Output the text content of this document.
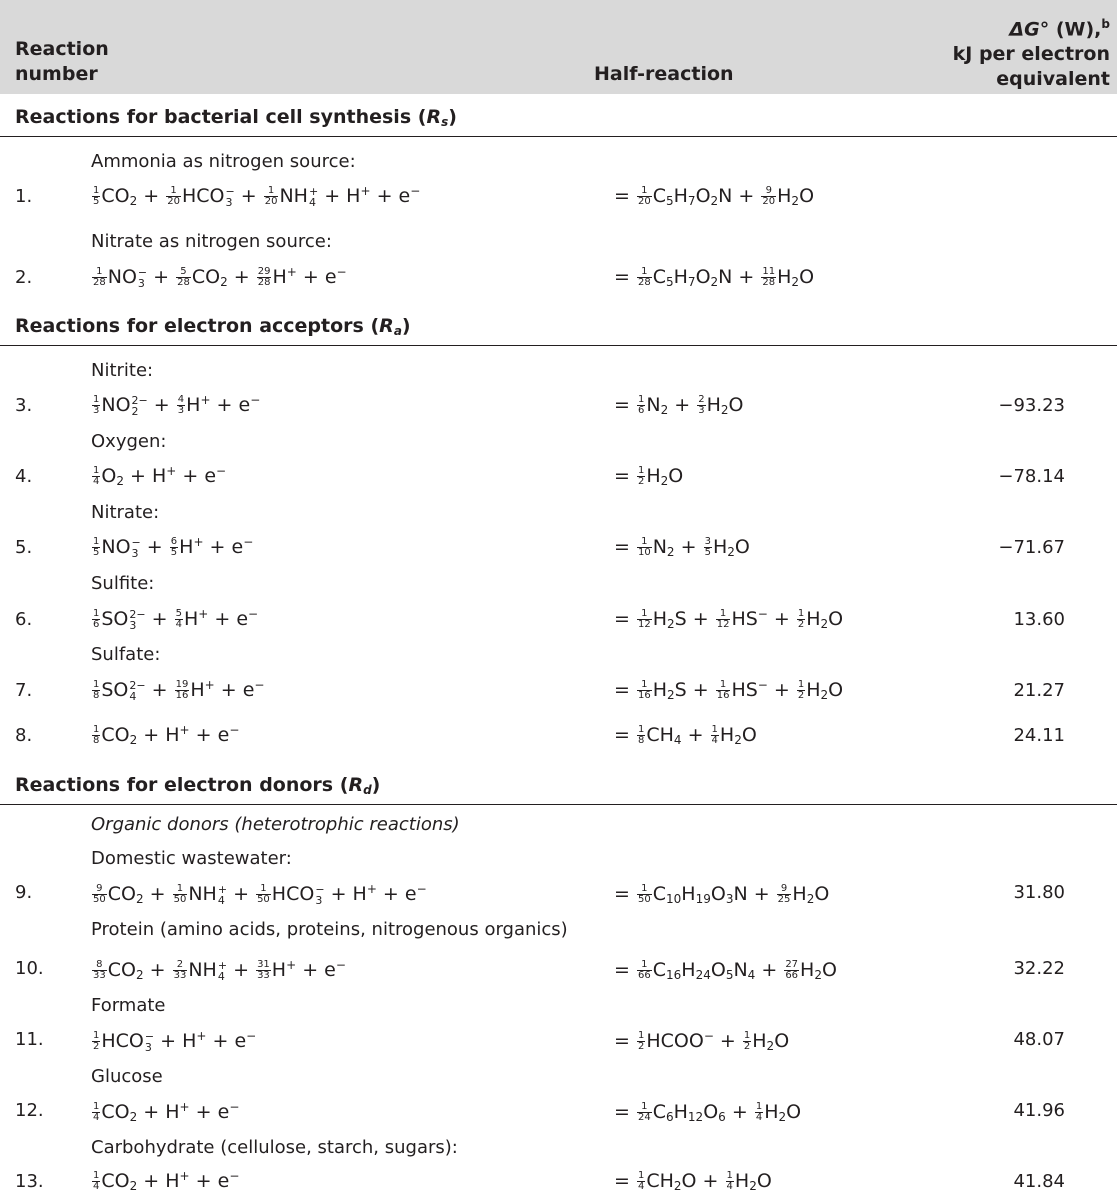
Reaction number	Half-reaction
ΔG° (W),$^b$
kJ per electron equivalent
Reactions for bacterial cell synthesis $(R_s)$
Ammonia as nitrogen source:
1.	$\frac{1}{5} CO_2 + \frac{1}{20}$ HCO −
$3 + \frac{1}{20}$ NH +
4 + H+ + e−	= $\frac{1}{20} C_5H_7O_2N + \frac{9}{20} H_2O$
Nitrate as nitrogen source:
2.	$\frac{1}{28}$ NO −
$3 + \frac{5}{28} CO_2 + \frac{29}{28} H^+ + e^-$	= $\frac{1}{28} C_5H_7O_2N + \frac{11}{28} H_2O$
Reactions for electron acceptors $(R_a)$
Nitrite:
3.	$\frac{1}{3}$ NO 2−
$2 + \frac{4}{3} H^+ + e^-$	= $\frac{1}{6} N_2 + \frac{2}{3} H_2O$	−93.23
Oxygen:
4.	$\frac{1}{4} O_2 + H^+ + e^-$	= $\frac{1}{2} H_2O$	−78.14
Nitrate:
5.	$\frac{1}{5}$ NO −
$3 + \frac{6}{5} H^+ + e^-$	= $\frac{1}{10} N_2 + \frac{3}{5} H_2O$	−71.67
Sulfite:
6.	$\frac{1}{6}$ SO 2−
$3 + \frac{5}{4} H^+ + e^-$	= $\frac{1}{12} H_2S + \frac{1}{12} HS^- + \frac{1}{2} H_2O$	13.60
Sulfate:
7.	$\frac{1}{8}$ SO 2−
$4 + \frac{19}{16} H^+ + e^-$	= $\frac{1}{16} H_2S + \frac{1}{16} HS^- + \frac{1}{2} H_2O$	21.27
8.	$\frac{1}{8} CO_2 + H^+ + e^-$	= $\frac{1}{8} CH_4 + \frac{1}{4} H_2O$	24.11
Reactions for electron donors $(R_d)$
Organic donors (heterotrophic reactions)
Domestic wastewater:
9.	$\frac{9}{50} CO_2 + \frac{1}{50}$ NH +
$4 + \frac{1}{50}$ HCO −
3 + H+ + e−	= $\frac{1}{50} C_{10}H_{19}O_3N + \frac{9}{25} H_2O$	31.80
Protein (amino acids, proteins, nitrogenous organics)
10.	$\frac{8}{33} CO_2 + \frac{2}{33}$ NH +
$4 + \frac{31}{33} H^+ + e^-$	= $\frac{1}{66} C_{16}H_{24}O_5N_4 + \frac{27}{66} H_2O$	32.22
Formate
11.	$\frac{1}{2}$ HCO −
3 + H+ + e−	= $\frac{1}{2}$ HCOO− + $\frac{1}{2} H_2O$	48.07
Glucose
12.	$\frac{1}{4} CO_2 + H^+ + e^-$	= $\frac{1}{24} C_6H_{12}O_6 + \frac{1}{4} H_2O$	41.96
Carbohydrate (cellulose, starch, sugars):
13.	$\frac{1}{4} CO_2 + H^+ + e^-$	= $\frac{1}{4} CH_2O + \frac{1}{4} H_2O$	41.84
